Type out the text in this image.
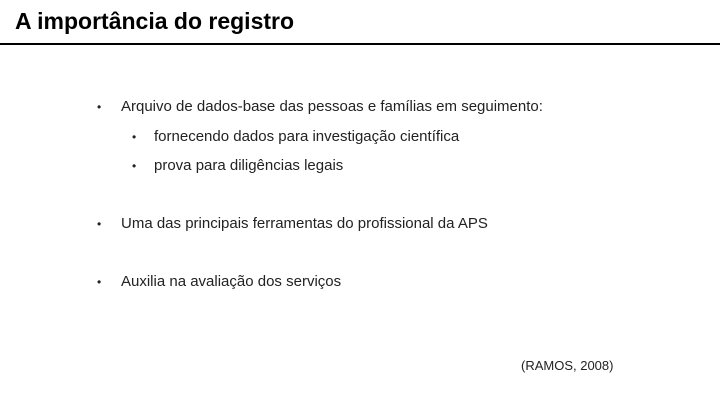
A importância do registro
• Arquivo de dados-base das pessoas e famílias em seguimento:
• fornecendo dados para investigação científica
• prova para diligências legais
• Uma das principais ferramentas do profissional da APS
• Auxilia na avaliação dos serviços
(RAMOS, 2008)
